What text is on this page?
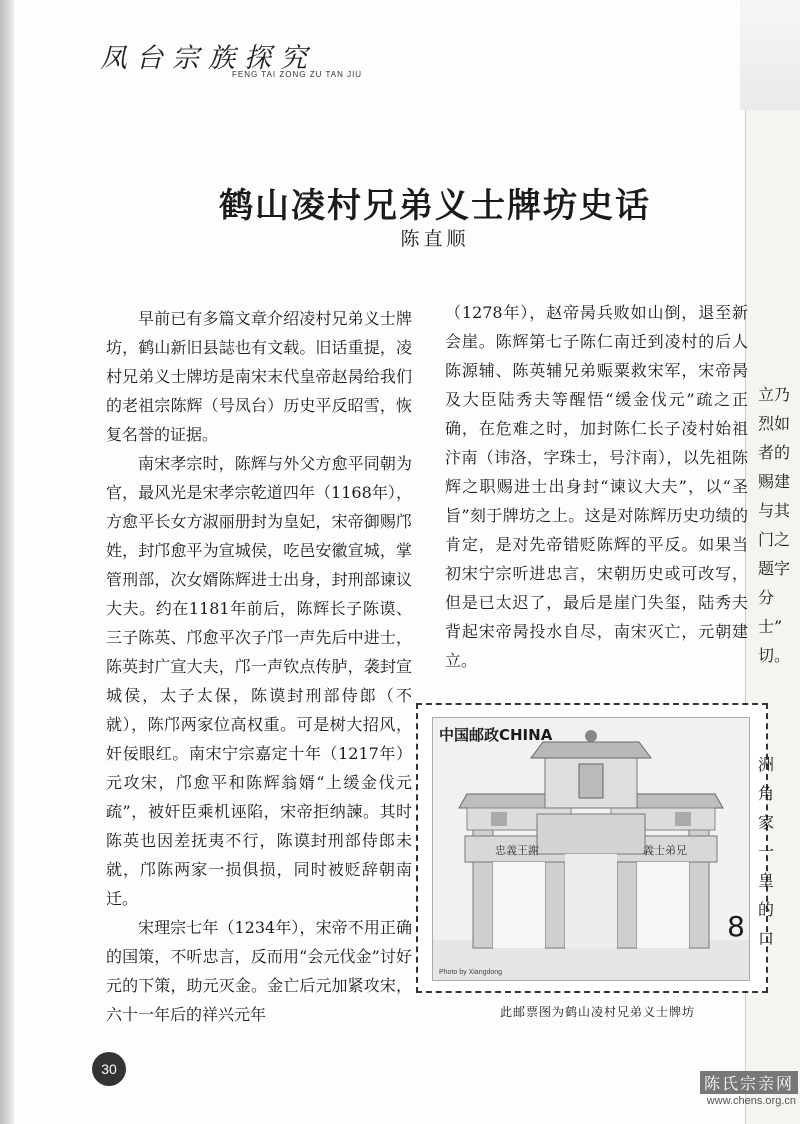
凤台宗族探究
FENG TAI ZONG ZU TAN JIU
鹤山凌村兄弟义士牌坊史话
陈直顺

早前已有多篇文章介绍凌村兄弟义士牌坊，鹤山新旧县誌也有文载。旧话重提，凌村兄弟义士牌坊是南宋末代皇帝赵昺给我们的老祖宗陈辉（号凤台）历史平反昭雪，恢复名誉的证据。

南宋孝宗时，陈辉与外父方愈平同朝为官，最风光是宋孝宗乾道四年（1168年），方愈平长女方淑丽册封为皇妃，宋帝御赐邝姓，封邝愈平为宣城侯，吃邑安徽宣城，掌管刑部，次女婿陈辉进士出身，封刑部谏议大夫。约在1181年前后，陈辉长子陈谟、三子陈英、邝愈平次子邝一声先后中进士，陈英封广宣大夫，邝一声钦点传胪，袭封宣城侯，太子太保，陈谟封刑部侍郎（不就），陈邝两家位高权重。可是树大招风，奸佞眼红。南宋宁宗嘉定十年（1217年）元攻宋，邝愈平和陈辉翁婿“上缓金伐元疏”，被奸臣乘机诬陷，宋帝拒纳諫。其时陈英也因差抚夷不行，陈谟封刑部侍郎未就，邝陈两家一损俱损，同时被贬辞朝南迁。

宋理宗七年（1234年），宋帝不用正确的国策，不听忠言，反而用“会元伐金”讨好元的下策，助元灭金。金亡后元加紧攻宋，六十一年后的祥兴元年

（1278年），赵帝昺兵败如山倒，退至新会崖。陈辉第七子陈仁南迁到凌村的后人陈源辅、陈英辅兄弟赈粟救宋军，宋帝昺及大臣陆秀夫等醒悟“缓金伐元”疏之正确，在危难之时，加封陈仁长子凌村始祖汴南（讳洛，字珠士，号汴南），以先祖陈辉之职赐进士出身封“谏议大夫”，以“圣旨”刻于牌坊之上。这是对陈辉历史功绩的肯定，是对先帝错贬陈辉的平反。如果当初宋宁宗听进忠言，宋朝历史或可改写，但是已太迟了，最后是崖门失玺，陆秀夫背起宋帝昺投水自尽，南宋灭亡，元朝建立。

忠義王謝	義士弟兄
中国邮政CHINA
8
Photo by Xiangdong
此邮票图为鹤山凌村兄弟义士牌坊
30
立乃
烈如
者的
赐建
与其
门之
题字
分
士”
切。
洲
角
家
一
皇
的
口
陈氏宗亲网
www.chens.org.cn
